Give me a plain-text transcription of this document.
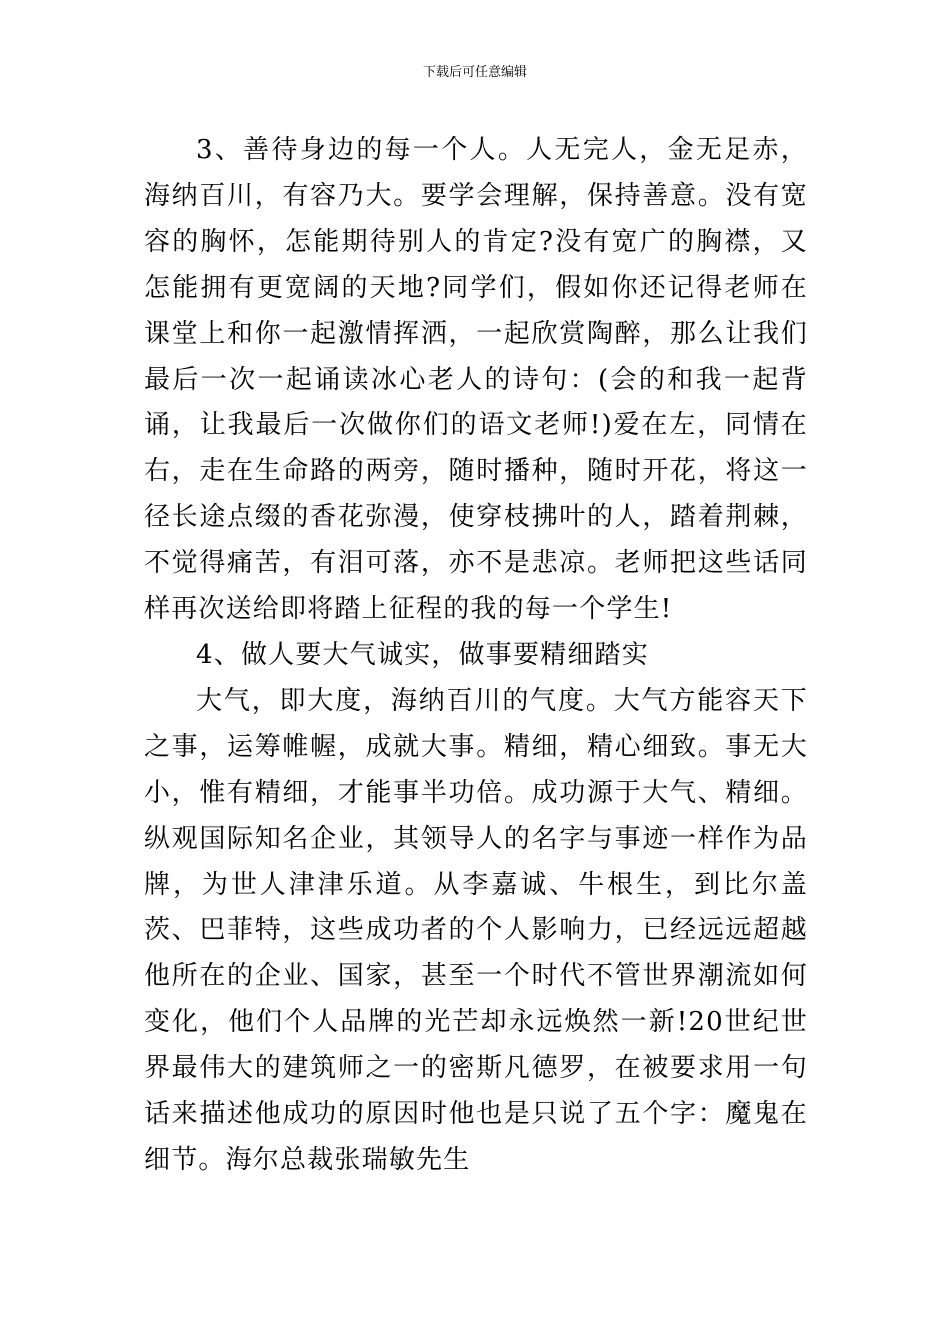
下载后可任意编辑

3、善待身边的每一个人。人无完人，金无足赤，海纳百川，有容乃大。要学会理解，保持善意。没有宽容的胸怀，怎能期待别人的肯定?没有宽广的胸襟，又怎能拥有更宽阔的天地?同学们，假如你还记得老师在课堂上和你一起激情挥洒，一起欣赏陶醉，那么让我们最后一次一起诵读冰心老人的诗句：(会的和我一起背诵，让我最后一次做你们的语文老师!)爱在左，同情在右，走在生命路的两旁，随时播种，随时开花，将这一径长途点缀的香花弥漫，使穿枝拂叶的人，踏着荆棘，不觉得痛苦，有泪可落，亦不是悲凉。老师把这些话同样再次送给即将踏上征程的我的每一个学生!

4、做人要大气诚实，做事要精细踏实

大气，即大度，海纳百川的气度。大气方能容天下之事，运筹帷幄，成就大事。精细，精心细致。事无大小，惟有精细，才能事半功倍。成功源于大气、精细。纵观国际知名企业，其领导人的名字与事迹一样作为品牌，为世人津津乐道。从李嘉诚、牛根生，到比尔盖茨、巴菲特，这些成功者的个人影响力，已经远远超越他所在的企业、国家，甚至一个时代不管世界潮流如何变化，他们个人品牌的光芒却永远焕然一新!20世纪世界最伟大的建筑师之一的密斯凡德罗，在被要求用一句话来描述他成功的原因时他也是只说了五个字：魔鬼在细节。海尔总裁张瑞敏先生
